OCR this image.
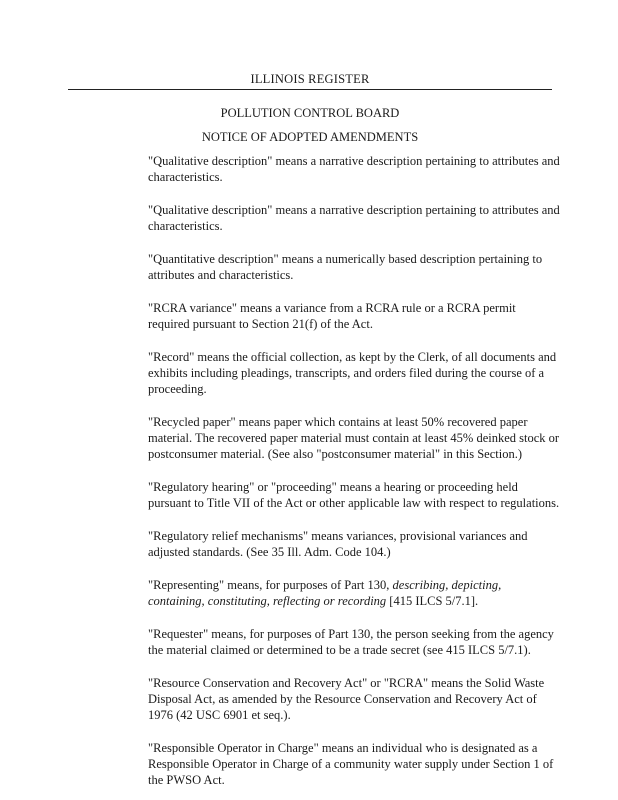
ILLINOIS REGISTER
POLLUTION CONTROL BOARD
NOTICE OF ADOPTED AMENDMENTS

"Qualitative description" means a narrative description pertaining to attributes and characteristics.

"Qualitative description" means a narrative description pertaining to attributes and characteristics.

"Quantitative description" means a numerically based description pertaining to attributes and characteristics.

"RCRA variance" means a variance from a RCRA rule or a RCRA permit required pursuant to Section 21(f) of the Act.

"Record" means the official collection, as kept by the Clerk, of all documents and exhibits including pleadings, transcripts, and orders filed during the course of a proceeding.

"Recycled paper" means paper which contains at least 50% recovered paper material. The recovered paper material must contain at least 45% deinked stock or postconsumer material. (See also "postconsumer material" in this Section.)

"Regulatory hearing" or "proceeding" means a hearing or proceeding held pursuant to Title VII of the Act or other applicable law with respect to regulations.

"Regulatory relief mechanisms" means variances, provisional variances and adjusted standards. (See 35 Ill. Adm. Code 104.)

"Representing" means, for purposes of Part 130, describing, depicting, containing, constituting, reflecting or recording [415 ILCS 5/7.1].

"Requester" means, for purposes of Part 130, the person seeking from the agency the material claimed or determined to be a trade secret (see 415 ILCS 5/7.1).

"Resource Conservation and Recovery Act" or "RCRA" means the Solid Waste Disposal Act, as amended by the Resource Conservation and Recovery Act of 1976 (42 USC 6901 et seq.).

"Responsible Operator in Charge" means an individual who is designated as a Responsible Operator in Charge of a community water supply under Section 1 of the PWSO Act.
